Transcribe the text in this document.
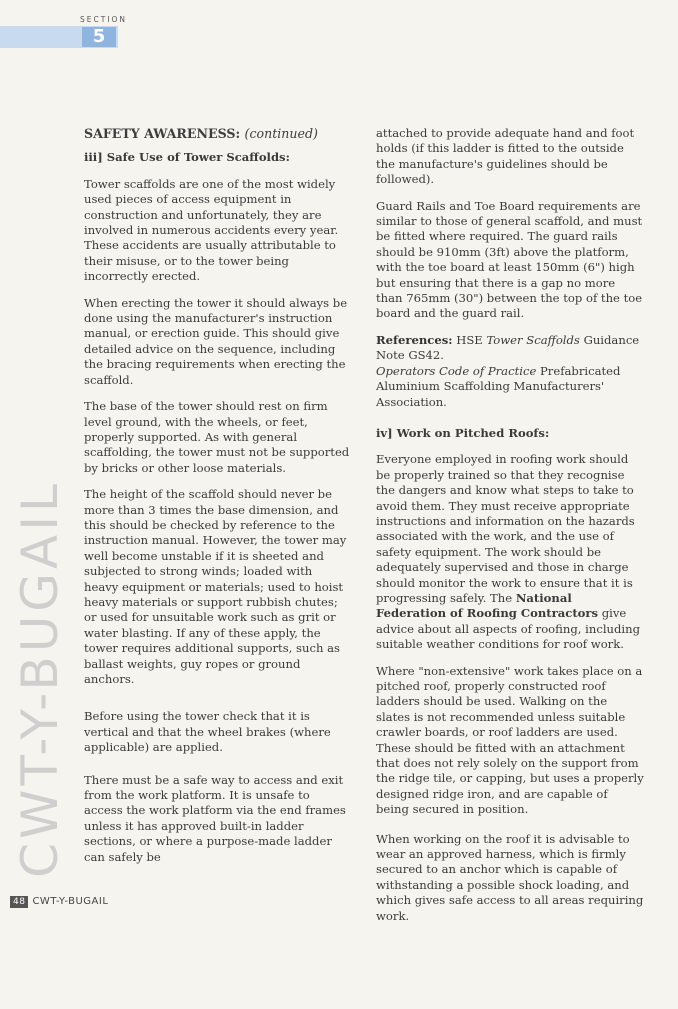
SECTION
5
CWT-Y-BUGAIL
SAFETY AWARENESS: (continued)
iii] Safe Use of Tower Scaffolds:

Tower scaffolds are one of the most widely used pieces of access equipment in construction and unfortunately, they are involved in numerous accidents every year. These accidents are usually attributable to their misuse, or to the tower being incorrectly erected.

When erecting the tower it should always be done using the manufacturer's instruction manual, or erection guide. This should give detailed advice on the sequence, including the bracing requirements when erecting the scaffold.

The base of the tower should rest on firm level ground, with the wheels, or feet, properly supported. As with general scaffolding, the tower must not be supported by bricks or other loose materials.

The height of the scaffold should never be more than 3 times the base dimension, and this should be checked by reference to the instruction manual. However, the tower may well become unstable if it is sheeted and subjected to strong winds; loaded with heavy equipment or materials; used to hoist heavy materials or support rubbish chutes; or used for unsuitable work such as grit or water blasting. If any of these apply, the tower requires additional supports, such as ballast weights, guy ropes or ground anchors.

Before using the tower check that it is vertical and that the wheel brakes (where applicable) are applied.

There must be a safe way to access and exit from the work platform. It is unsafe to access the work platform via the end frames unless it has approved built-in ladder sections, or where a purpose-made ladder can safely be

attached to provide adequate hand and foot holds (if this ladder is fitted to the outside the manufacture's guidelines should be followed).

Guard Rails and Toe Board requirements are similar to those of general scaffold, and must be fitted where required. The guard rails should be 910mm (3ft) above the platform, with the toe board at least 150mm (6") high but ensuring that there is a gap no more than 765mm (30") between the top of the toe board and the guard rail.

References: HSE Tower Scaffolds Guidance Note GS42.

Operators Code of Practice Prefabricated Aluminium Scaffolding Manufacturers' Association.

iv] Work on Pitched Roofs:

Everyone employed in roofing work should be properly trained so that they recognise the dangers and know what steps to take to avoid them. They must receive appropriate instructions and information on the hazards associated with the work, and the use of safety equipment. The work should be adequately supervised and those in charge should monitor the work to ensure that it is progressing safely. The National Federation of Roofing Contractors give advice about all aspects of roofing, including suitable weather conditions for roof work.

Where "non-extensive" work takes place on a pitched roof, properly constructed roof ladders should be used. Walking on the slates is not recommended unless suitable crawler boards, or roof ladders are used. These should be fitted with an attachment that does not rely solely on the support from the ridge tile, or capping, but uses a properly designed ridge iron, and are capable of being secured in position.

When working on the roof it is advisable to wear an approved harness, which is firmly secured to an anchor which is capable of withstanding a possible shock loading, and which gives safe access to all areas requiring work.

48 CWT-Y-BUGAIL
